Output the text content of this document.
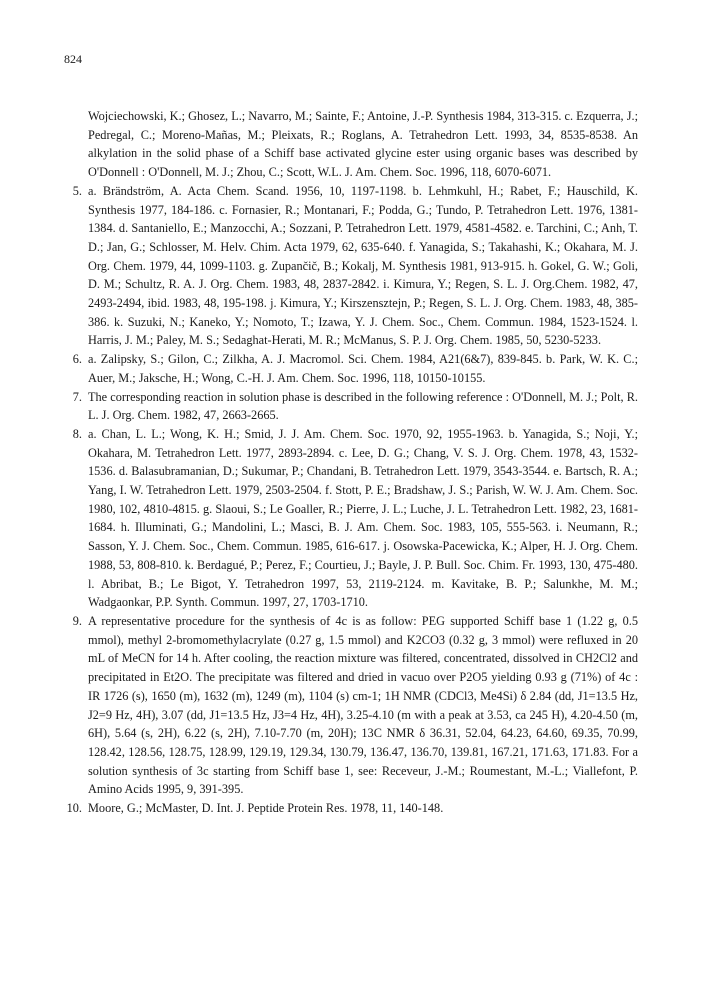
824
Wojciechowski, K.; Ghosez, L.; Navarro, M.; Sainte, F.; Antoine, J.-P. Synthesis 1984, 313-315. c. Ezquerra, J.; Pedregal, C.; Moreno-Mañas, M.; Pleixats, R.; Roglans, A. Tetrahedron Lett. 1993, 34, 8535-8538. An alkylation in the solid phase of a Schiff base activated glycine ester using organic bases was described by O'Donnell : O'Donnell, M. J.; Zhou, C.; Scott, W.L. J. Am. Chem. Soc. 1996, 118, 6070-6071.
5. a. Brändström, A. Acta Chem. Scand. 1956, 10, 1197-1198. b. Lehmkuhl, H.; Rabet, F.; Hauschild, K. Synthesis 1977, 184-186. c. Fornasier, R.; Montanari, F.; Podda, G.; Tundo, P. Tetrahedron Lett. 1976, 1381-1384. d. Santaniello, E.; Manzocchi, A.; Sozzani, P. Tetrahedron Lett. 1979, 4581-4582. e. Tarchini, C.; Anh, T. D.; Jan, G.; Schlosser, M. Helv. Chim. Acta 1979, 62, 635-640. f. Yanagida, S.; Takahashi, K.; Okahara, M. J. Org. Chem. 1979, 44, 1099-1103. g. Zupančič, B.; Kokalj, M. Synthesis 1981, 913-915. h. Gokel, G. W.; Goli, D. M.; Schultz, R. A. J. Org. Chem. 1983, 48, 2837-2842. i. Kimura, Y.; Regen, S. L. J. Org.Chem. 1982, 47, 2493-2494, ibid. 1983, 48, 195-198. j. Kimura, Y.; Kirszensztejn, P.; Regen, S. L. J. Org. Chem. 1983, 48, 385-386. k. Suzuki, N.; Kaneko, Y.; Nomoto, T.; Izawa, Y. J. Chem. Soc., Chem. Commun. 1984, 1523-1524. l. Harris, J. M.; Paley, M. S.; Sedaghat-Herati, M. R.; McManus, S. P. J. Org. Chem. 1985, 50, 5230-5233.
6. a. Zalipsky, S.; Gilon, C.; Zilkha, A. J. Macromol. Sci. Chem. 1984, A21(6&7), 839-845. b. Park, W. K. C.; Auer, M.; Jaksche, H.; Wong, C.-H. J. Am. Chem. Soc. 1996, 118, 10150-10155.
7. The corresponding reaction in solution phase is described in the following reference : O'Donnell, M. J.; Polt, R. L. J. Org. Chem. 1982, 47, 2663-2665.
8. a. Chan, L. L.; Wong, K. H.; Smid, J. J. Am. Chem. Soc. 1970, 92, 1955-1963. b. Yanagida, S.; Noji, Y.; Okahara, M. Tetrahedron Lett. 1977, 2893-2894. c. Lee, D. G.; Chang, V. S. J. Org. Chem. 1978, 43, 1532-1536. d. Balasubramanian, D.; Sukumar, P.; Chandani, B. Tetrahedron Lett. 1979, 3543-3544. e. Bartsch, R. A.; Yang, I. W. Tetrahedron Lett. 1979, 2503-2504. f. Stott, P. E.; Bradshaw, J. S.; Parish, W. W. J. Am. Chem. Soc. 1980, 102, 4810-4815. g. Slaoui, S.; Le Goaller, R.; Pierre, J. L.; Luche, J. L. Tetrahedron Lett. 1982, 23, 1681-1684. h. Illuminati, G.; Mandolini, L.; Masci, B. J. Am. Chem. Soc. 1983, 105, 555-563. i. Neumann, R.; Sasson, Y. J. Chem. Soc., Chem. Commun. 1985, 616-617. j. Osowska-Pacewicka, K.; Alper, H. J. Org. Chem. 1988, 53, 808-810. k. Berdagué, P.; Perez, F.; Courtieu, J.; Bayle, J. P. Bull. Soc. Chim. Fr. 1993, 130, 475-480. l. Abribat, B.; Le Bigot, Y. Tetrahedron 1997, 53, 2119-2124. m. Kavitake, B. P.; Salunkhe, M. M.; Wadgaonkar, P.P. Synth. Commun. 1997, 27, 1703-1710.
9. A representative procedure for the synthesis of 4c is as follow: PEG supported Schiff base 1 (1.22 g, 0.5 mmol), methyl 2-bromomethylacrylate (0.27 g, 1.5 mmol) and K2CO3 (0.32 g, 3 mmol) were refluxed in 20 mL of MeCN for 14 h. After cooling, the reaction mixture was filtered, concentrated, dissolved in CH2Cl2 and precipitated in Et2O. The precipitate was filtered and dried in vacuo over P2O5 yielding 0.93 g (71%) of 4c : IR 1726 (s), 1650 (m), 1632 (m), 1249 (m), 1104 (s) cm-1; 1H NMR (CDCl3, Me4Si) δ 2.84 (dd, J1=13.5 Hz, J2=9 Hz, 4H), 3.07 (dd, J1=13.5 Hz, J3=4 Hz, 4H), 3.25-4.10 (m with a peak at 3.53, ca 245 H), 4.20-4.50 (m, 6H), 5.64 (s, 2H), 6.22 (s, 2H), 7.10-7.70 (m, 20H); 13C NMR δ 36.31, 52.04, 64.23, 64.60, 69.35, 70.99, 128.42, 128.56, 128.75, 128.99, 129.19, 129.34, 130.79, 136.47, 136.70, 139.81, 167.21, 171.63, 171.83. For a solution synthesis of 3c starting from Schiff base 1, see: Receveur, J.-M.; Roumestant, M.-L.; Viallefont, P. Amino Acids 1995, 9, 391-395.
10. Moore, G.; McMaster, D. Int. J. Peptide Protein Res. 1978, 11, 140-148.
